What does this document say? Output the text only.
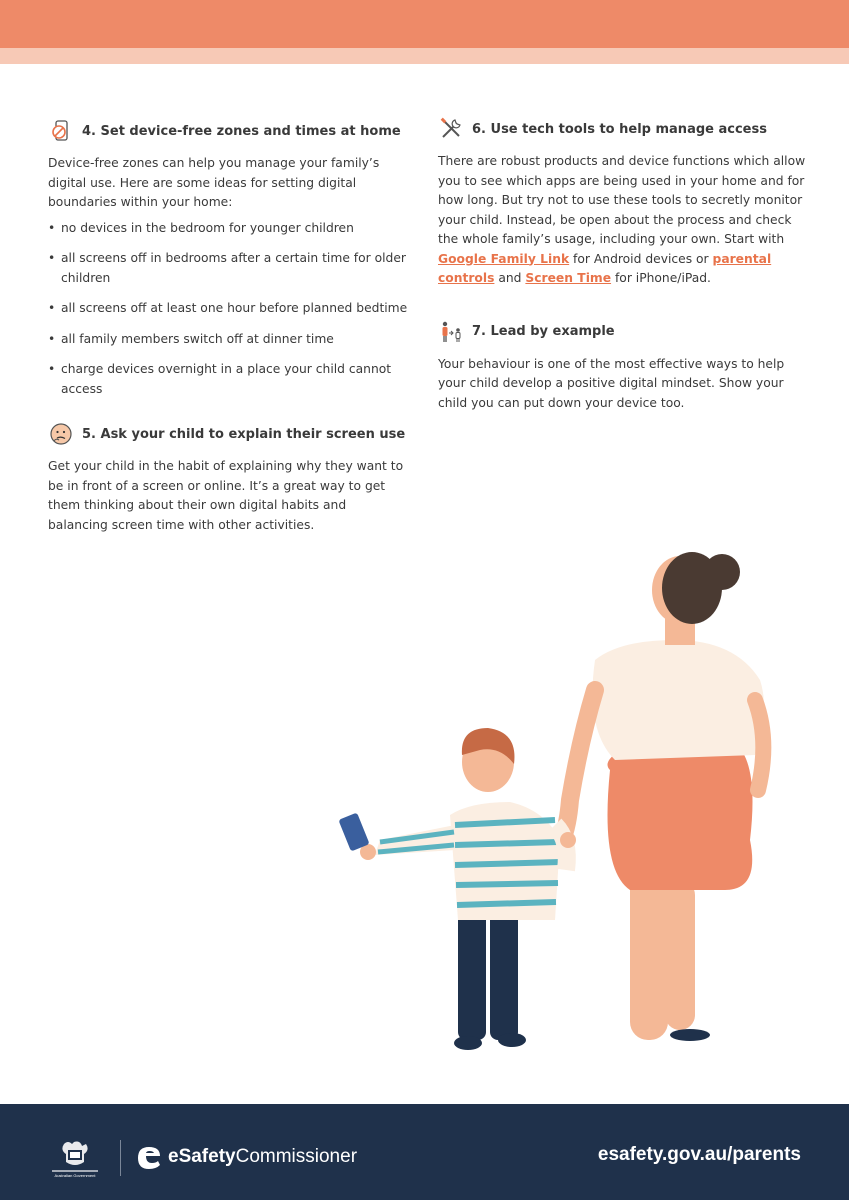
4. Set device-free zones and times at home

Device-free zones can help you manage your family’s digital use. Here are some ideas for setting digital boundaries within your home:

• no devices in the bedroom for younger children
• all screens off in bedrooms after a certain time for older children
• all screens off at least one hour before planned bedtime
• all family members switch off at dinner time
• charge devices overnight in a place your child cannot access
5. Ask your child to explain their screen use

Get your child in the habit of explaining why they want to be in front of a screen or online. It’s a great way to get them thinking about their own digital habits and balancing screen time with other activities.

6. Use tech tools to help manage access

There are robust products and device functions which allow you to see which apps are being used in your home and for how long. But try not to use these tools to secretly monitor your child. Instead, be open about the process and check the whole family’s usage, including your own. Start with Google Family Link for Android devices or parental controls and Screen Time for iPhone/iPad.

7. Lead by example

Your behaviour is one of the most effective ways to help your child develop a positive digital mindset. Show your child you can put down your device too.

Australian Government
eSafetyCommissioner	esafety.gov.au/parents
